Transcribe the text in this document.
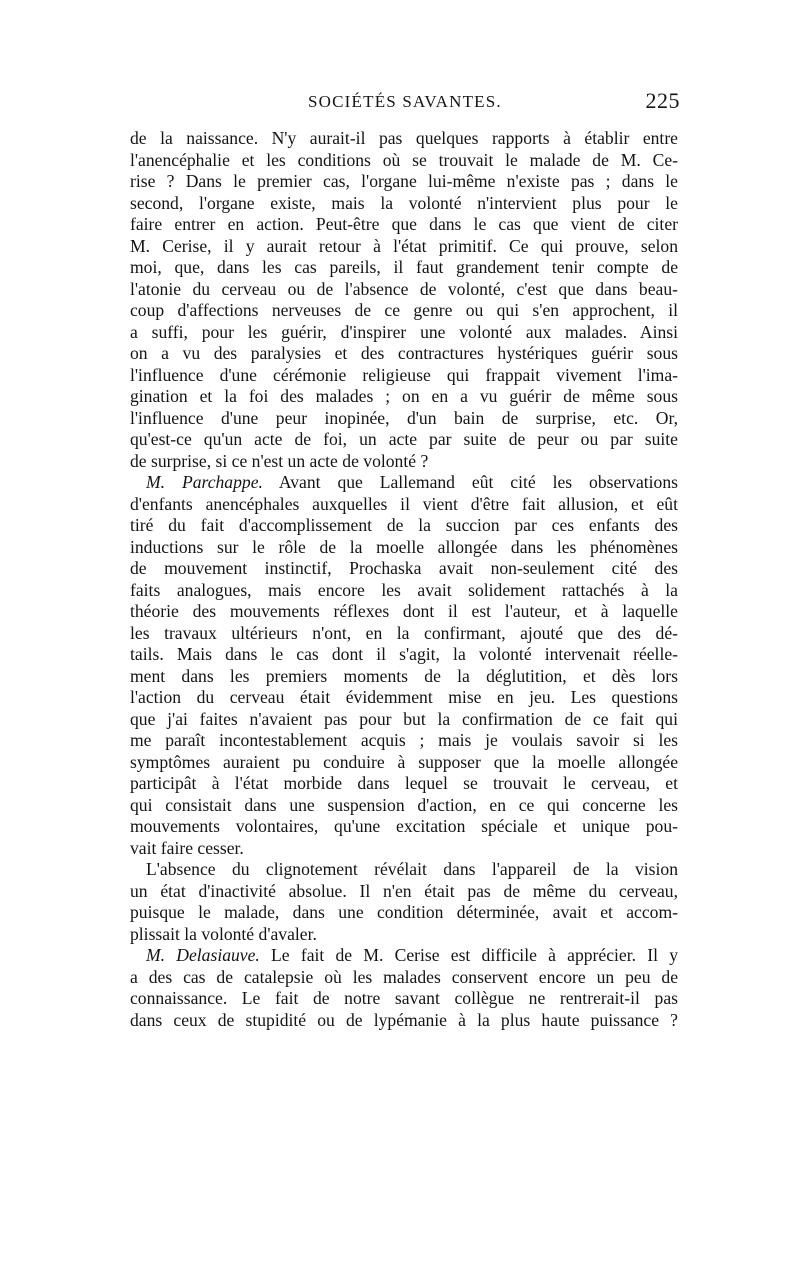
SOCIÉTÉS SAVANTES.	225
de la naissance. N'y aurait-il pas quelques rapports à établir entre
l'anencéphalie et les conditions où se trouvait le malade de M. Ce-
rise ? Dans le premier cas, l'organe lui-même n'existe pas ; dans le
second, l'organe existe, mais la volonté n'intervient plus pour le
faire entrer en action. Peut-être que dans le cas que vient de citer
M. Cerise, il y aurait retour à l'état primitif. Ce qui prouve, selon
moi, que, dans les cas pareils, il faut grandement tenir compte de
l'atonie du cerveau ou de l'absence de volonté, c'est que dans beau-
coup d'affections nerveuses de ce genre ou qui s'en approchent, il
a suffi, pour les guérir, d'inspirer une volonté aux malades. Ainsi
on a vu des paralysies et des contractures hystériques guérir sous
l'influence d'une cérémonie religieuse qui frappait vivement l'ima-
gination et la foi des malades ; on en a vu guérir de même sous
l'influence d'une peur inopinée, d'un bain de surprise, etc. Or,
qu'est-ce qu'un acte de foi, un acte par suite de peur ou par suite
de surprise, si ce n'est un acte de volonté ?
M. Parchappe. Avant que Lallemand eût cité les observations
d'enfants anencéphales auxquelles il vient d'être fait allusion, et eût
tiré du fait d'accomplissement de la succion par ces enfants des
inductions sur le rôle de la moelle allongée dans les phénomènes
de mouvement instinctif, Prochaska avait non-seulement cité des
faits analogues, mais encore les avait solidement rattachés à la
théorie des mouvements réflexes dont il est l'auteur, et à laquelle
les travaux ultérieurs n'ont, en la confirmant, ajouté que des dé-
tails. Mais dans le cas dont il s'agit, la volonté intervenait réelle-
ment dans les premiers moments de la déglutition, et dès lors
l'action du cerveau était évidemment mise en jeu. Les questions
que j'ai faites n'avaient pas pour but la confirmation de ce fait qui
me paraît incontestablement acquis ; mais je voulais savoir si les
symptômes auraient pu conduire à supposer que la moelle allongée
participât à l'état morbide dans lequel se trouvait le cerveau, et
qui consistait dans une suspension d'action, en ce qui concerne les
mouvements volontaires, qu'une excitation spéciale et unique pou-
vait faire cesser.
L'absence du clignotement révélait dans l'appareil de la vision
un état d'inactivité absolue. Il n'en était pas de même du cerveau,
puisque le malade, dans une condition déterminée, avait et accom-
plissait la volonté d'avaler.
M. Delasiauve. Le fait de M. Cerise est difficile à apprécier. Il y
a des cas de catalepsie où les malades conservent encore un peu de
connaissance. Le fait de notre savant collègue ne rentrerait-il pas
dans ceux de stupidité ou de lypémanie à la plus haute puissance ?
